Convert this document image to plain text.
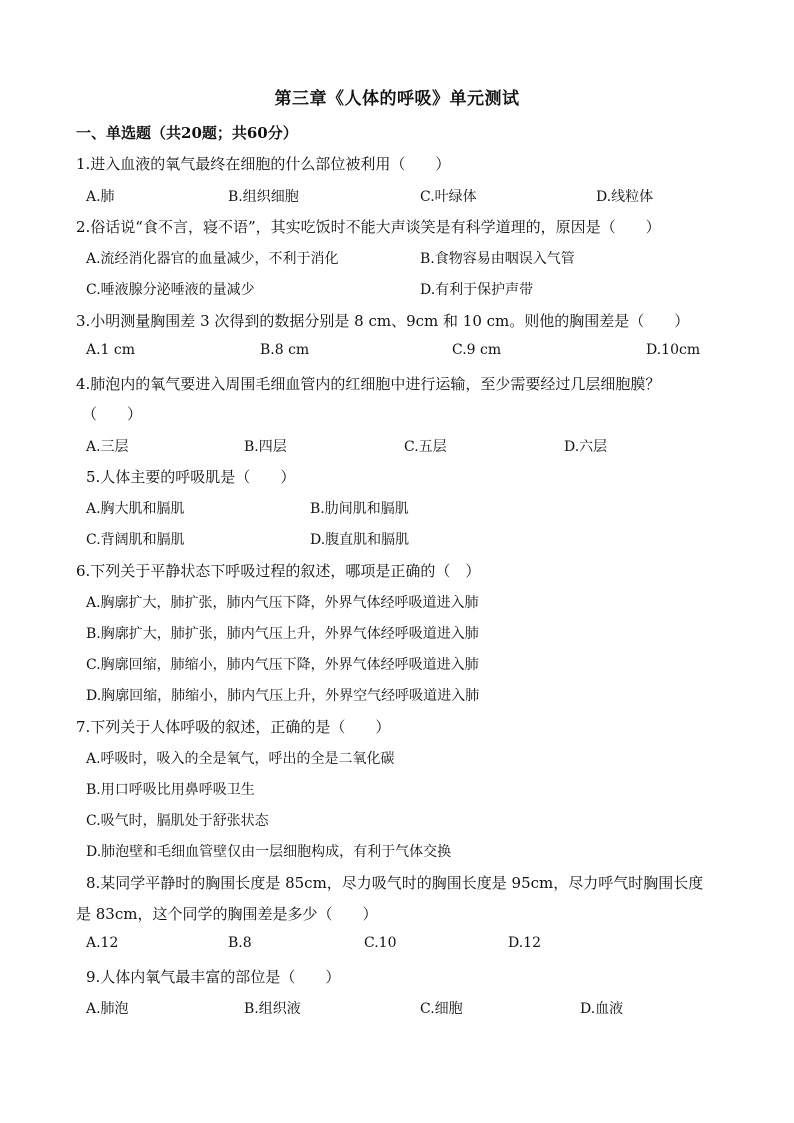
第三章《人体的呼吸》单元测试
一、单选题（共20题；共60分）
1.进入血液的氧气最终在细胞的什么部位被利用（　　）
A.肺	B.组织细胞	C.叶绿体	D.线粒体
2.俗话说“食不言，寝不语”，其实吃饭时不能大声谈笑是有科学道理的，原因是（　　）
A.流经消化器官的血量减少，不利于消化	B.食物容易由咽误入气管
C.唾液腺分泌唾液的量减少	D.有利于保护声带
3.小明测量胸围差 3 次得到的数据分别是 8 cm、9cm 和 10 cm。则他的胸围差是（　　）
A.1 cm	B.8 cm	C.9 cm	D.10cm
4.肺泡内的氧气要进入周围毛细血管内的红细胞中进行运输，至少需要经过几层细胞膜？
（　　）
A.三层	B.四层	C.五层	D.六层
5.人体主要的呼吸肌是（　　）
A.胸大肌和膈肌	B.肋间肌和膈肌
C.背阔肌和膈肌	D.腹直肌和膈肌
6.下列关于平静状态下呼吸过程的叙述，哪项是正确的（　）
A.胸廓扩大，肺扩张，肺内气压下降，外界气体经呼吸道进入肺
B.胸廓扩大，肺扩张，肺内气压上升，外界气体经呼吸道进入肺
C.胸廓回缩，肺缩小，肺内气压下降，外界气体经呼吸道进入肺
D.胸廓回缩，肺缩小，肺内气压上升，外界空气经呼吸道进入肺
7.下列关于人体呼吸的叙述，正确的是（　　）
A.呼吸时，吸入的全是氧气，呼出的全是二氧化碳
B.用口呼吸比用鼻呼吸卫生
C.吸气时，膈肌处于舒张状态
D.肺泡壁和毛细血管壁仅由一层细胞构成，有利于气体交换
8.某同学平静时的胸围长度是 85cm，尽力吸气时的胸围长度是 95cm，尽力呼气时胸围长度
是 83cm，这个同学的胸围差是多少（　　）
A.12	B.8	C.10	D.12
9.人体内氧气最丰富的部位是（　　）
A.肺泡	B.组织液	C.细胞	D.血液
